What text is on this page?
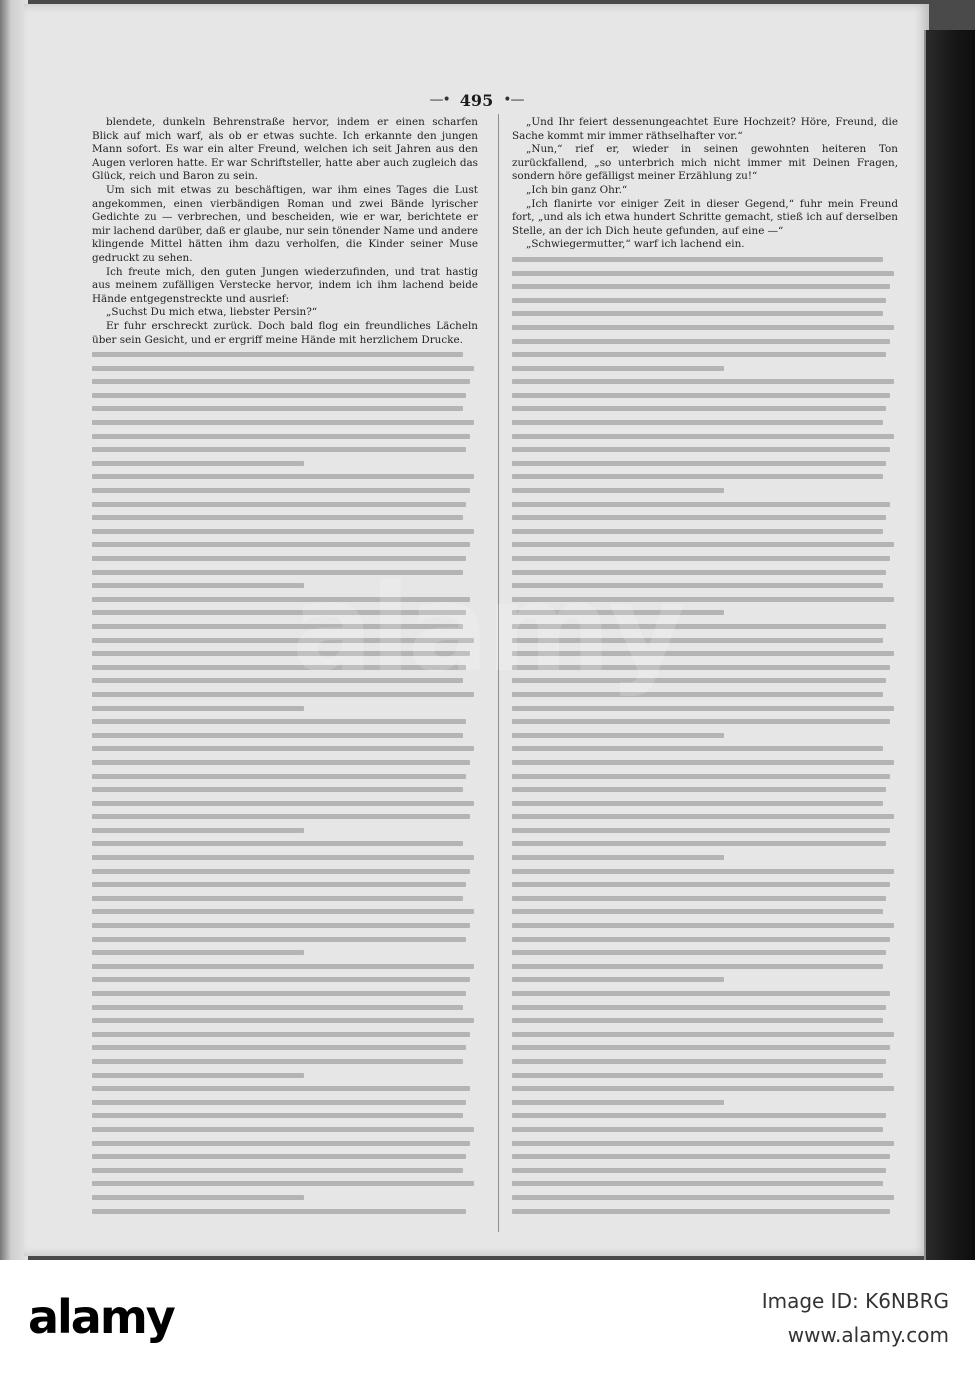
—• 495 •—

blendete, dunkeln Behrenstraße hervor, indem er einen scharfen Blick auf mich warf, als ob er etwas suchte. Ich erkannte den jungen Mann sofort. Es war ein alter Freund, welchen ich seit Jahren aus den Augen verloren hatte. Er war Schriftsteller, hatte aber auch zugleich das Glück, reich und Baron zu sein.

Um sich mit etwas zu beschäftigen, war ihm eines Tages die Lust angekommen, einen vierbändigen Roman und zwei Bände lyrischer Gedichte zu — verbrechen, und bescheiden, wie er war, berichtete er mir lachend darüber, daß er glaube, nur sein tönender Name und andere klingende Mittel hätten ihm dazu verholfen, die Kinder seiner Muse gedruckt zu sehen.

Ich freute mich, den guten Jungen wiederzufinden, und trat hastig aus meinem zufälligen Verstecke hervor, indem ich ihm lachend beide Hände entgegenstreckte und ausrief:

„Suchst Du mich etwa, liebster Persin?“

Er fuhr erschreckt zurück. Doch bald flog ein freundliches Lächeln über sein Gesicht, und er ergriff meine Hände mit herzlichem Drucke.

„Und Ihr feiert dessenungeachtet Eure Hochzeit? Höre, Freund, die Sache kommt mir immer räthselhafter vor.“

„Nun,“ rief er, wieder in seinen gewohnten heiteren Ton zurückfallend, „so unterbrich mich nicht immer mit Deinen Fragen, sondern höre gefälligst meiner Erzählung zu!“

„Ich bin ganz Ohr.“

„Ich flanirte vor einiger Zeit in dieser Gegend,“ fuhr mein Freund fort, „und als ich etwa hundert Schritte gemacht, stieß ich auf derselben Stelle, an der ich Dich heute gefunden, auf eine —“

„Schwiegermutter,“ warf ich lachend ein.

alamy	Image ID: K6NBRG
www.alamy.com
